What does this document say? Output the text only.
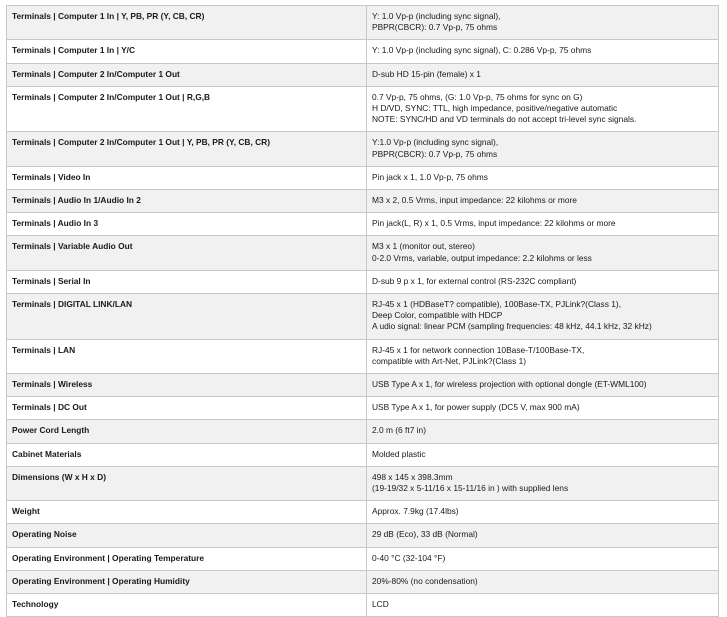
Terminals | Computer 1 In | Y, PB, PR (Y, CB, CR)	Y: 1.0 Vp-p (including sync signal),
PBPR(CBCR): 0.7 Vp-p, 75 ohms
Terminals | Computer 1 In | Y/C	Y: 1.0 Vp-p (including sync signal), C: 0.286 Vp-p, 75 ohms
Terminals | Computer 2 In/Computer 1 Out	D-sub HD 15-pin (female) x 1
Terminals | Computer 2 In/Computer 1 Out | R,G,B	0.7 Vp-p, 75 ohms, (G: 1.0 Vp-p, 75 ohms for sync on G)
H D/VD, SYNC: TTL, high impedance, positive/negative automatic
NOTE: SYNC/HD and VD terminals do not accept tri-level sync signals.
Terminals | Computer 2 In/Computer 1 Out | Y, PB, PR (Y, CB, CR)	Y:1.0 Vp-p (including sync signal),
PBPR(CBCR): 0.7 Vp-p, 75 ohms
Terminals | Video In	Pin jack x 1, 1.0 Vp-p, 75 ohms
Terminals | Audio In 1/Audio In 2	M3 x 2, 0.5 Vrms, input impedance: 22 kilohms or more
Terminals | Audio In 3	Pin jack(L, R) x 1, 0.5 Vrms, input impedance: 22 kilohms or more
Terminals | Variable Audio Out	M3 x 1 (monitor out, stereo)
0-2.0 Vrms, variable, output impedance: 2.2 kilohms or less
Terminals | Serial In	D-sub 9 p x 1, for external control (RS-232C compliant)
Terminals | DIGITAL LINK/LAN	RJ-45 x 1 (HDBaseT? compatible), 100Base-TX, PJLink?(Class 1),
Deep Color, compatible with HDCP
A udio signal: linear PCM (sampling frequencies: 48 kHz, 44.1 kHz, 32 kHz)
Terminals | LAN	RJ-45 x 1 for network connection 10Base-T/100Base-TX,
compatible with Art-Net, PJLink?(Class 1)
Terminals | Wireless	USB Type A x 1, for wireless projection with optional dongle (ET-WML100)
Terminals | DC Out	USB Type A x 1, for power supply (DC5 V, max 900 mA)
Power Cord Length	2.0 m (6 ft7 in)
Cabinet Materials	Molded plastic
Dimensions (W x H x D)	498 x 145 x 398.3mm
(19-19/32 x 5-11/16 x 15-11/16 in ) with supplied lens
Weight	Approx. 7.9kg (17.4lbs)
Operating Noise	29 dB (Eco), 33 dB (Normal)
Operating Environment | Operating Temperature	0-40 °C (32-104 °F)
Operating Environment | Operating Humidity	20%-80% (no condensation)
Technology	LCD
